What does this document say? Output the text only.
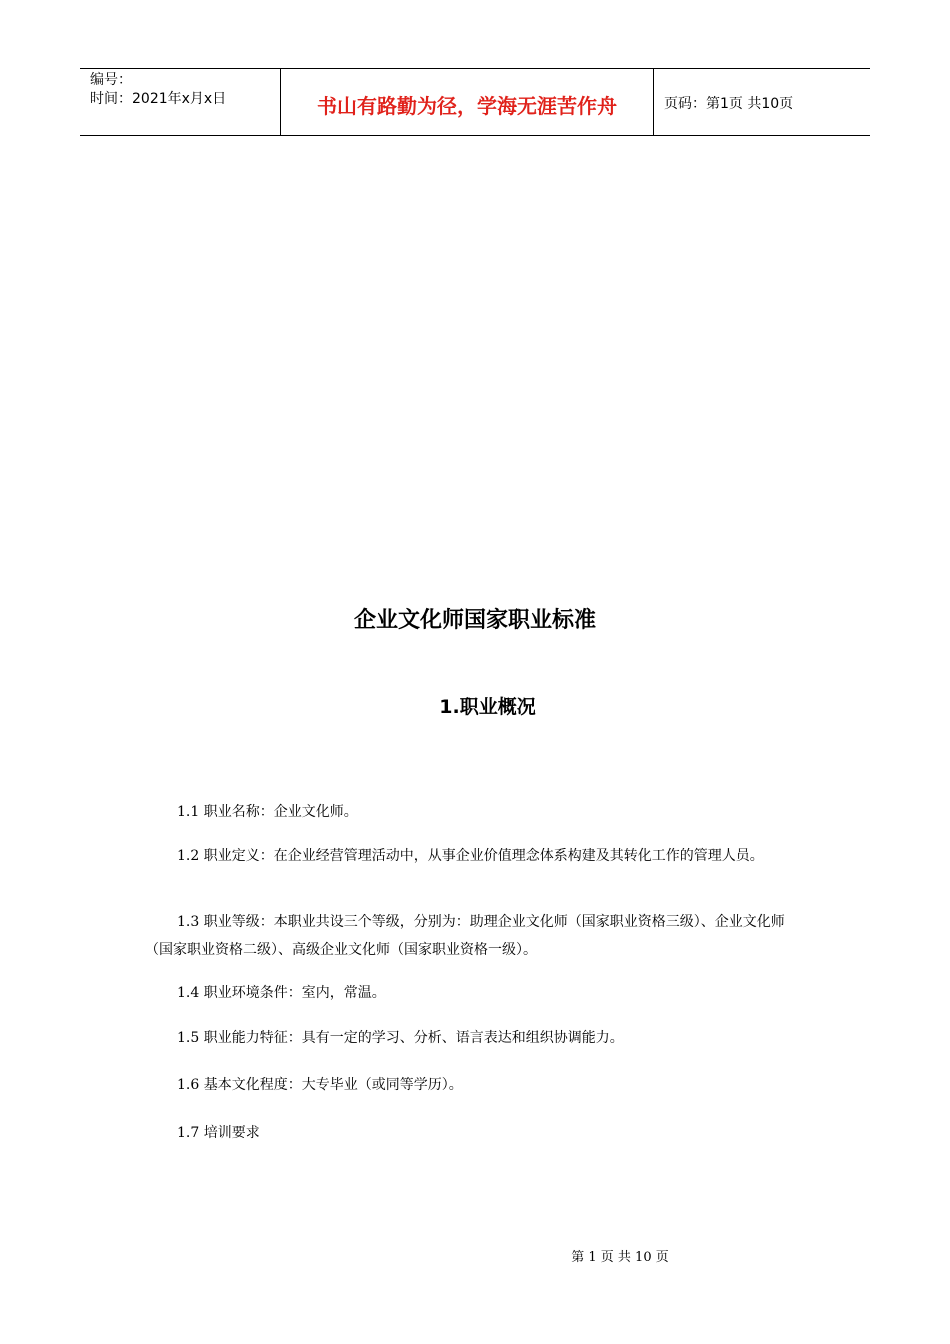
编号：
时间：2021年x月x日	书山有路勤为径，学海无涯苦作舟	页码：第1页 共10页
企业文化师国家职业标准
1.职业概况
1.1 职业名称：企业文化师。
1.2 职业定义：在企业经营管理活动中，从事企业价值理念体系构建及其转化工作的管理人员。
1.3 职业等级：本职业共设三个等级，分别为：助理企业文化师（国家职业资格三级）、企业文化师（国家职业资格二级）、高级企业文化师（国家职业资格一级）。
1.4 职业环境条件：室内，常温。
1.5 职业能力特征：具有一定的学习、分析、语言表达和组织协调能力。
1.6 基本文化程度：大专毕业（或同等学历）。
1.7 培训要求
第 1 页 共 10 页
